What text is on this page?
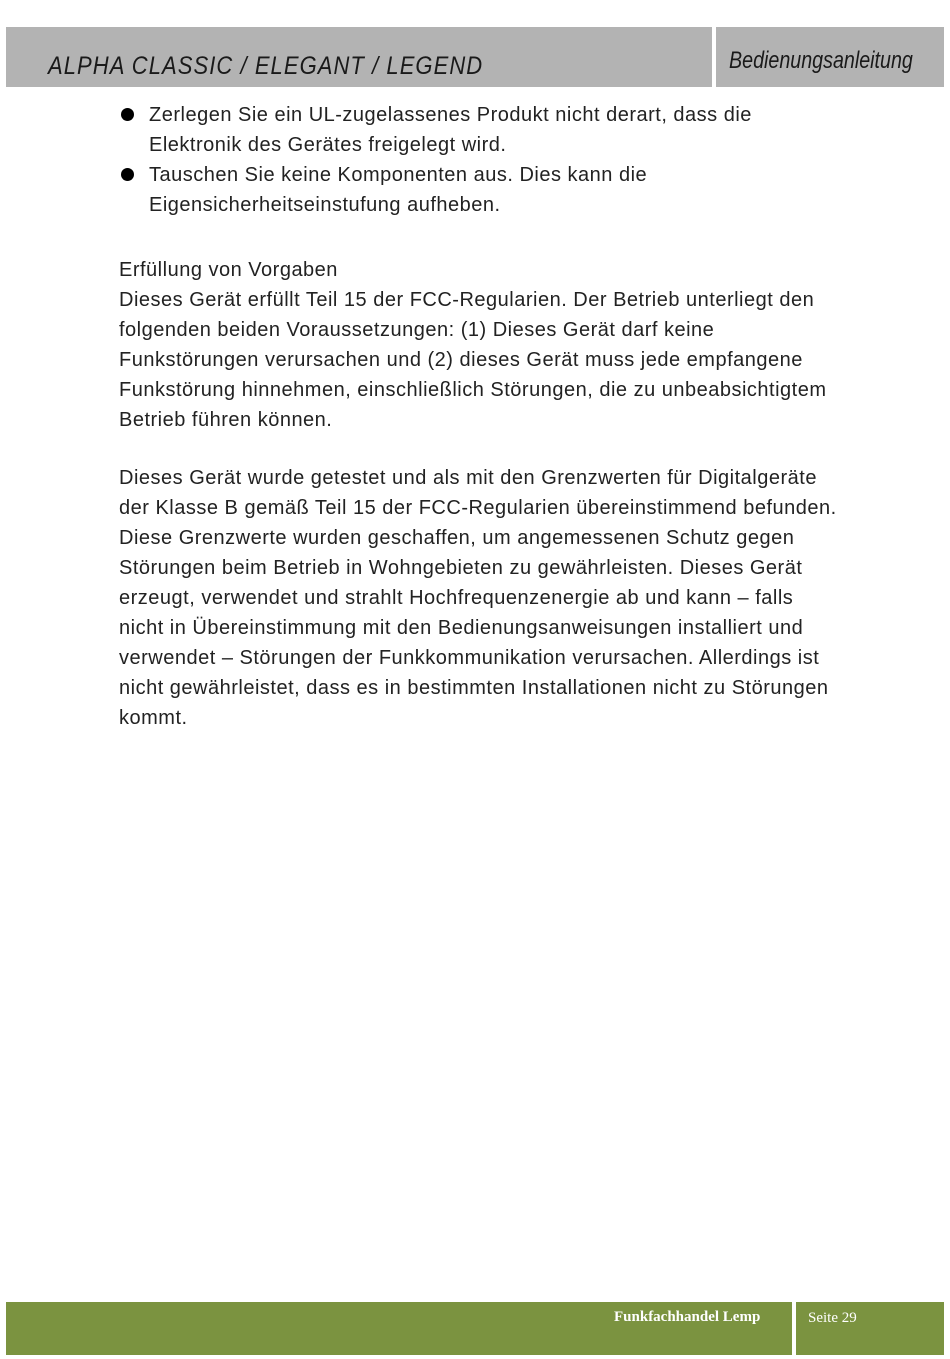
ALPHA CLASSIC / ELEGANT / LEGEND	Bedienungsanleitung
Zerlegen Sie ein UL-zugelassenes Produkt nicht derart, dass die Elektronik des Gerätes freigelegt wird.
Tauschen Sie keine Komponenten aus. Dies kann die Eigensicherheitseinstufung aufheben.

Erfüllung von Vorgaben

Dieses Gerät erfüllt Teil 15 der FCC-Regularien. Der Betrieb unterliegt den folgenden beiden Voraussetzungen: (1) Dieses Gerät darf keine Funkstörungen verursachen und (2) dieses Gerät muss jede empfangene Funkstörung hinnehmen, einschließlich Störungen, die zu unbeabsichtigtem Betrieb führen können.

Dieses Gerät wurde getestet und als mit den Grenzwerten für Digitalgeräte der Klasse B gemäß Teil 15 der FCC-Regularien übereinstimmend befunden. Diese Grenzwerte wurden geschaffen, um angemessenen Schutz gegen Störungen beim Betrieb in Wohngebieten zu gewährleisten. Dieses Gerät erzeugt, verwendet und strahlt Hochfrequenzenergie ab und kann – falls nicht in Übereinstimmung mit den Bedienungsanweisungen installiert und verwendet – Störungen der Funkkommunikation verursachen. Allerdings ist nicht gewährleistet, dass es in bestimmten Installationen nicht zu Störungen kommt.

Funkfachhandel Lemp	Seite 29
